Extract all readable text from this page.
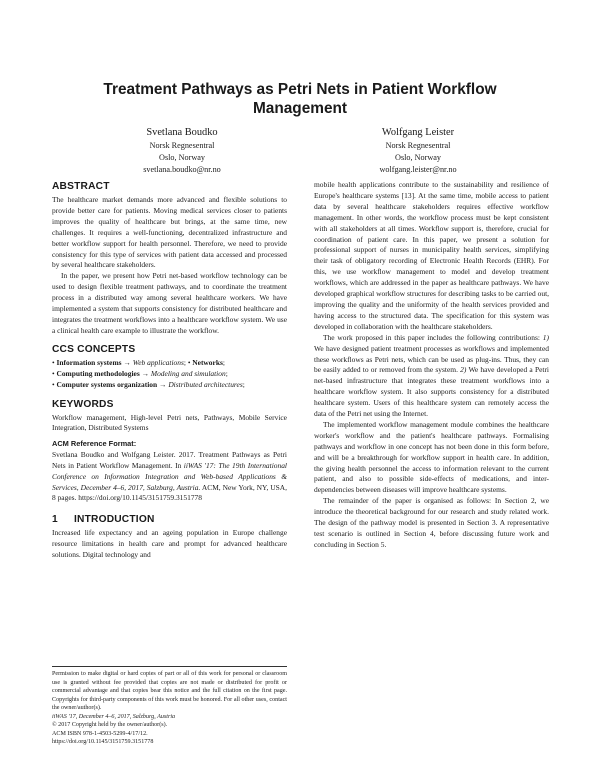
Treatment Pathways as Petri Nets in Patient Workflow Management
Svetlana Boudko
Norsk Regnesentral
Oslo, Norway
svetlana.boudko@nr.no
Wolfgang Leister
Norsk Regnesentral
Oslo, Norway
wolfgang.leister@nr.no
ABSTRACT

The healthcare market demands more advanced and flexible solutions to provide better care for patients. Moving medical services closer to patients improves the quality of healthcare but brings, at the same time, new challenges. It requires a well-functioning, decentralized infrastructure and better workflow support for health personnel. Therefore, we need to provide consistency for this type of services with patient data accessed and processed by several healthcare stakeholders.

In the paper, we present how Petri net-based workflow technology can be used to design flexible treatment pathways, and to coordinate the treatment process in a distributed way among several healthcare workers. We have implemented a system that supports consistency for distributed healthcare and integrates the treatment workflows into a healthcare workflow system. We use a clinical health care example to illustrate the workflow.

CCS CONCEPTS

• Information systems → Web applications; • Networks;

• Computing methodologies → Modeling and simulation;

• Computer systems organization → Distributed architectures;

KEYWORDS

Workflow management, High-level Petri nets, Pathways, Mobile Service Integration, Distributed Systems

ACM Reference Format:

Svetlana Boudko and Wolfgang Leister. 2017. Treatment Pathways as Petri Nets in Patient Workflow Management. In iiWAS '17: The 19th International Conference on Information Integration and Web-based Applications & Services, December 4–6, 2017, Salzburg, Austria. ACM, New York, NY, USA, 8 pages. https://doi.org/10.1145/3151759.3151778

1 INTRODUCTION

Increased life expectancy and an ageing population in Europe challenge resource limitations in health care and prompt for advanced healthcare solutions. Digital technology and

Permission to make digital or hard copies of part or all of this work for personal or classroom use is granted without fee provided that copies are not made or distributed for profit or commercial advantage and that copies bear this notice and the full citation on the first page. Copyrights for third-party components of this work must be honored. For all other uses, contact the owner/author(s).

iiWAS '17, December 4–6, 2017, Salzburg, Austria

© 2017 Copyright held by the owner/author(s).

ACM ISBN 978-1-4503-5299-4/17/12.

https://doi.org/10.1145/3151759.3151778

mobile health applications contribute to the sustainability and resilience of Europe's healthcare systems [13]. At the same time, mobile access to patient data by several healthcare stakeholders requires effective workflow management. In other words, the workflow process must be kept consistent with all stakeholders at all times. Workflow support is, therefore, crucial for coordination of patient care. In this paper, we present a solution for professional support of nurses in municipality health services, simplifying their task of obligatory recording of Electronic Health Records (EHR). For this, we use workflow management to model and develop treatment workflows, which are addressed in the paper as healthcare pathways. We have developed graphical workflow structures for describing tasks to be carried out, improving the quality and the uniformity of the health services provided and having access to the structured data. The specification for this system was developed in collaboration with the healthcare stakeholders.

The work proposed in this paper includes the following contributions: 1) We have designed patient treatment processes as workflows and implemented these workflows as Petri nets, which can be used as plug-ins. Thus, they can be easily added to or removed from the system. 2) We have developed a Petri net-based infrastructure that integrates these treatment workflows into a healthcare workflow system. It also supports consistency for a distributed healthcare system. Users of this healthcare system can remotely access the data of the Petri net using the Internet.

The implemented workflow management module combines the healthcare worker's workflow and the patient's healthcare pathways. Formalising pathways and workflow in one concept has not been done in this form before, and will be a breakthrough for workflow support in health care. In addition, the giving health personnel the access to information relevant to the current patient, and also to possible side-effects of medications, and inter-dependencies between diseases will improve healthcare systems.

The remainder of the paper is organised as follows: In Section 2, we introduce the theoretical background for our research and study related work. The design of the pathway model is presented in Section 3. A representative test scenario is outlined in Section 4, before discussing future work and concluding in Section 5.
